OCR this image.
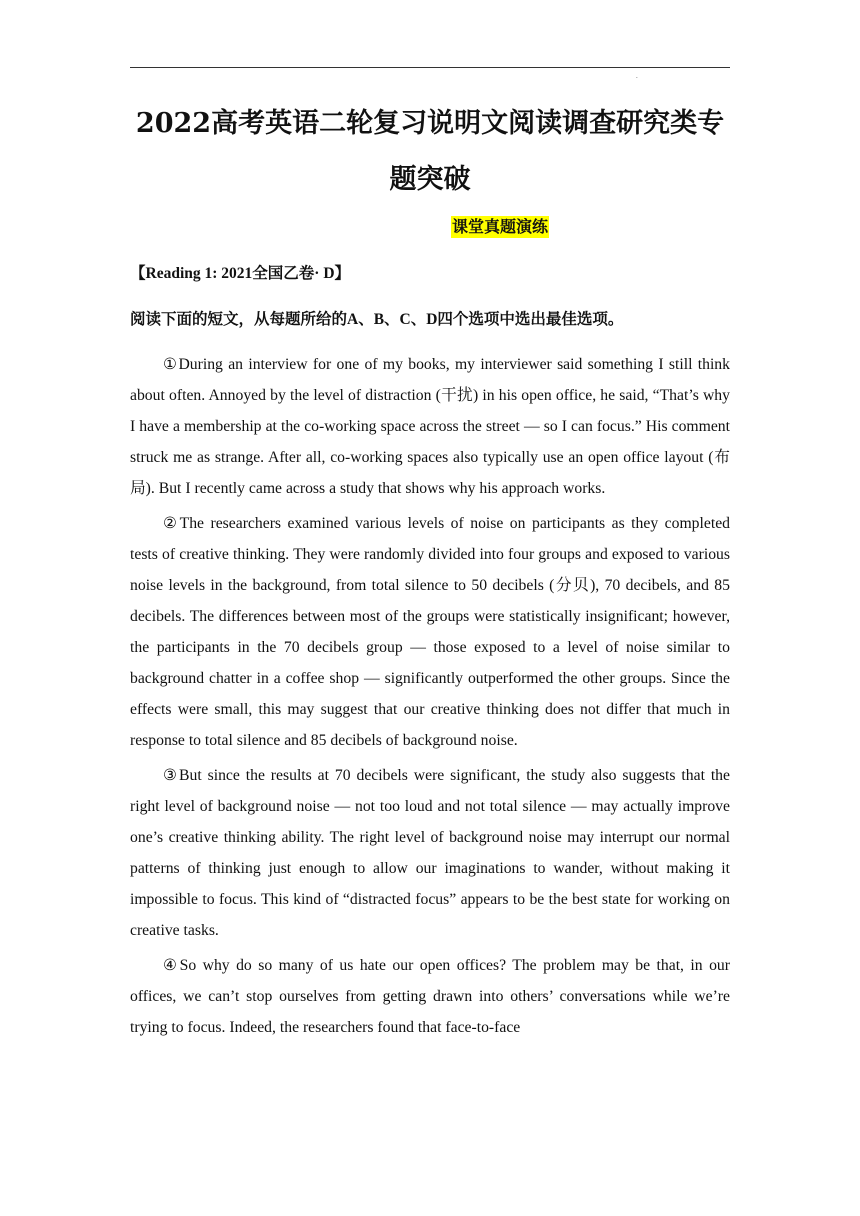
.
2022高考英语二轮复习说明文阅读调查研究类专题突破
课堂真题演练
【Reading 1: 2021全国乙卷· D】
阅读下面的短文，从每题所给的A、B、C、D四个选项中选出最佳选项。

①During an interview for one of my books, my interviewer said something I still think about often. Annoyed by the level of distraction (干扰) in his open office, he said, “That’s why I have a membership at the co-working space across the street — so I can focus.” His comment struck me as strange. After all, co-working spaces also typically use an open office layout (布局). But I recently came across a study that shows why his approach works.

②The researchers examined various levels of noise on participants as they completed tests of creative thinking. They were randomly divided into four groups and exposed to various noise levels in the background, from total silence to 50 decibels (分贝), 70 decibels, and 85 decibels. The differences between most of the groups were statistically insignificant; however, the participants in the 70 decibels group — those exposed to a level of noise similar to background chatter in a coffee shop — significantly outperformed the other groups. Since the effects were small, this may suggest that our creative thinking does not differ that much in response to total silence and 85 decibels of background noise.

③But since the results at 70 decibels were significant, the study also suggests that the right level of background noise — not too loud and not total silence — may actually improve one’s creative thinking ability. The right level of background noise may interrupt our normal patterns of thinking just enough to allow our imaginations to wander, without making it impossible to focus. This kind of “distracted focus” appears to be the best state for working on creative tasks.

④So why do so many of us hate our open offices? The problem may be that, in our offices, we can’t stop ourselves from getting drawn into others’ conversations while we’re trying to focus. Indeed, the researchers found that face-to-face
